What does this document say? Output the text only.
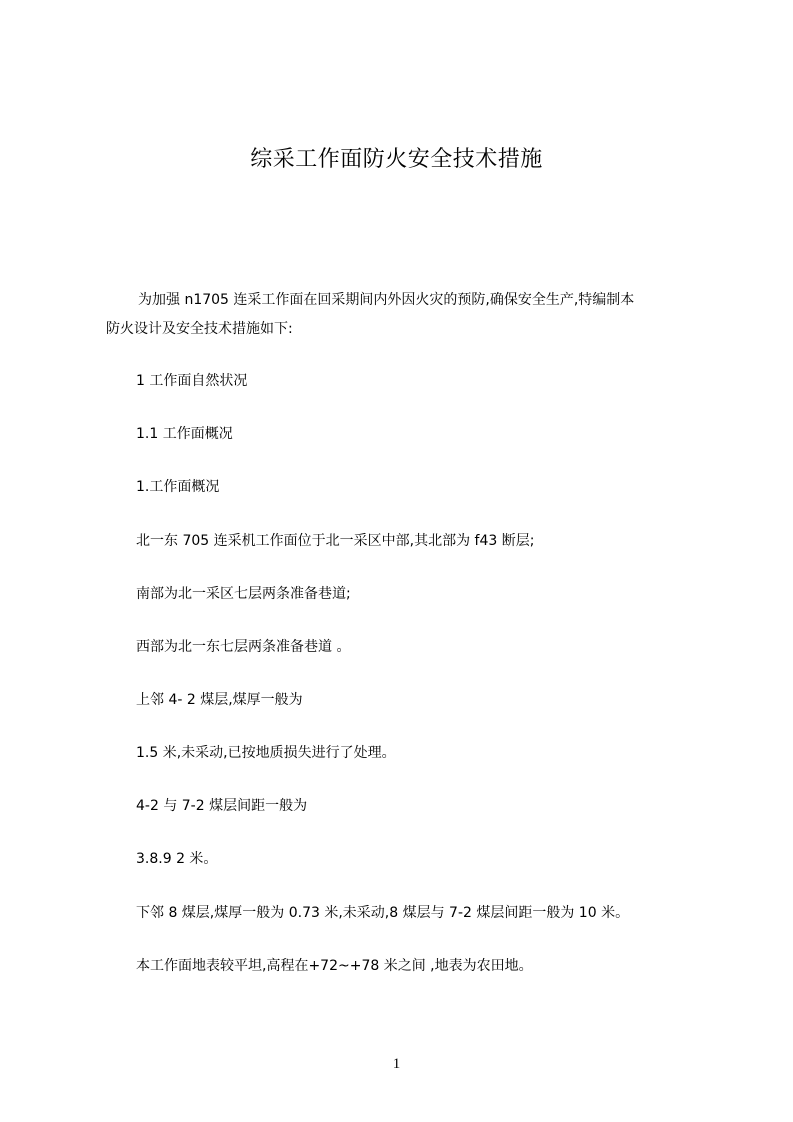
综采工作面防火安全技术措施
为加强 n1705 连采工作面在回采期间内外因火灾的预防,确保安全生产,特编制本
防火设计及安全技术措施如下:
1 工作面自然状况
1.1 工作面概况
1.工作面概况
北一东 705 连采机工作面位于北一采区中部,其北部为 f43 断层;
南部为北一采区七层两条准备巷道;
西部为北一东七层两条准备巷道 。
上邻 4- 2 煤层,煤厚一般为
1.5 米,未采动,已按地质损失进行了处理。
4-2 与 7-2 煤层间距一般为
3.8.9 2 米。
下邻 8 煤层,煤厚一般为 0.73 米,未采动,8 煤层与 7-2 煤层间距一般为 10 米。
本工作面地表较平坦,高程在+72~+78 米之间 ,地表为农田地。
1
